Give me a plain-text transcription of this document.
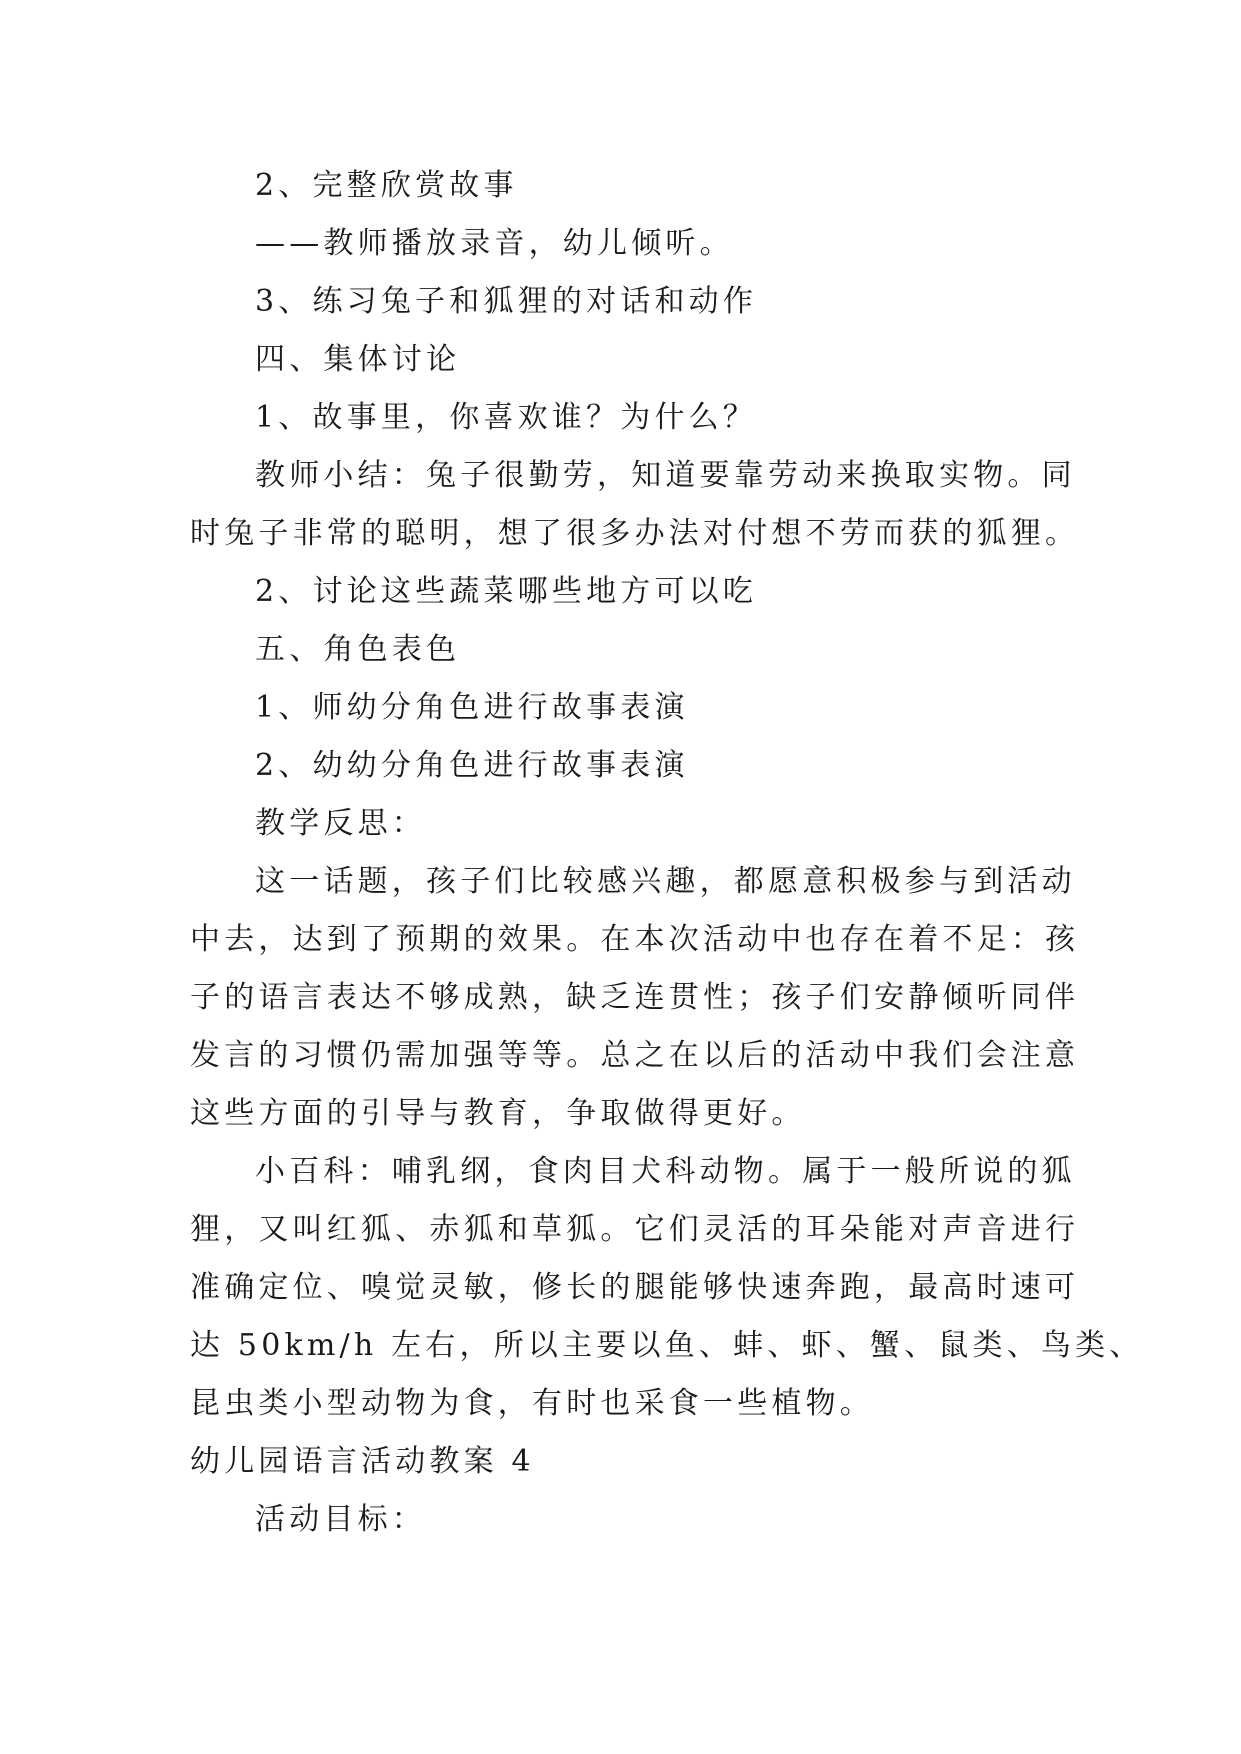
2、完整欣赏故事
——教师播放录音，幼儿倾听。
3、练习兔子和狐狸的对话和动作
四、集体讨论
1、故事里，你喜欢谁？为什么？
教师小结：兔子很勤劳，知道要靠劳动来换取实物。同
时兔子非常的聪明，想了很多办法对付想不劳而获的狐狸。
2、讨论这些蔬菜哪些地方可以吃
五、角色表色
1、师幼分角色进行故事表演
2、幼幼分角色进行故事表演
教学反思：
这一话题，孩子们比较感兴趣，都愿意积极参与到活动
中去，达到了预期的效果。在本次活动中也存在着不足：孩
子的语言表达不够成熟，缺乏连贯性；孩子们安静倾听同伴
发言的习惯仍需加强等等。总之在以后的活动中我们会注意
这些方面的引导与教育，争取做得更好。
小百科：哺乳纲，食肉目犬科动物。属于一般所说的狐
狸，又叫红狐、赤狐和草狐。它们灵活的耳朵能对声音进行
准确定位、嗅觉灵敏，修长的腿能够快速奔跑，最高时速可
达 50km/h 左右，所以主要以鱼、蚌、虾、蟹、鼠类、鸟类、
昆虫类小型动物为食，有时也采食一些植物。
幼儿园语言活动教案 4
活动目标：
